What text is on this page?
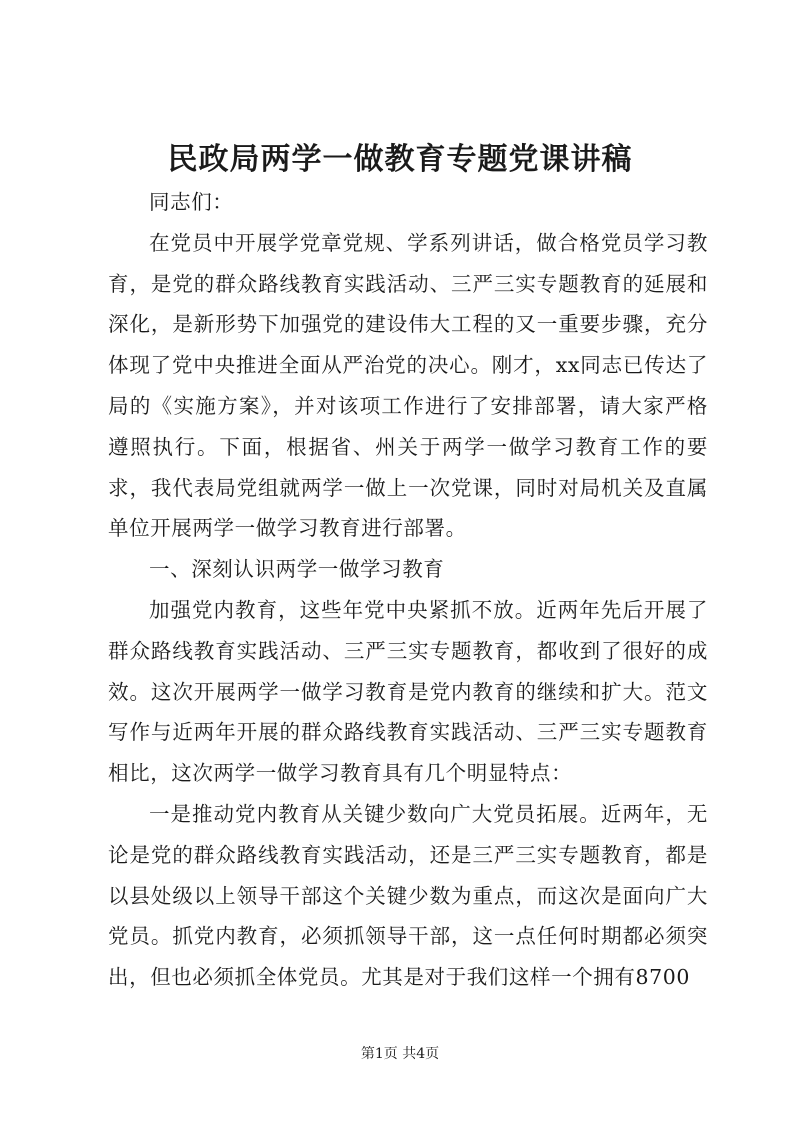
民政局两学一做教育专题党课讲稿

同志们：

在党员中开展学党章党规、学系列讲话，做合格党员学习教育，是党的群众路线教育实践活动、三严三实专题教育的延展和深化，是新形势下加强党的建设伟大工程的又一重要步骤，充分体现了党中央推进全面从严治党的决心。刚才，xx同志已传达了局的《实施方案》，并对该项工作进行了安排部署，请大家严格遵照执行。下面，根据省、州关于两学一做学习教育工作的要求，我代表局党组就两学一做上一次党课，同时对局机关及直属单位开展两学一做学习教育进行部署。

一、深刻认识两学一做学习教育

加强党内教育，这些年党中央紧抓不放。近两年先后开展了群众路线教育实践活动、三严三实专题教育，都收到了很好的成效。这次开展两学一做学习教育是党内教育的继续和扩大。范文写作与近两年开展的群众路线教育实践活动、三严三实专题教育相比，这次两学一做学习教育具有几个明显特点：

一是推动党内教育从关键少数向广大党员拓展。近两年，无论是党的群众路线教育实践活动，还是三严三实专题教育，都是以县处级以上领导干部这个关键少数为重点，而这次是面向广大党员。抓党内教育，必须抓领导干部，这一点任何时期都必须突出，但也必须抓全体党员。尤其是对于我们这样一个拥有8700

第1页 共4页
